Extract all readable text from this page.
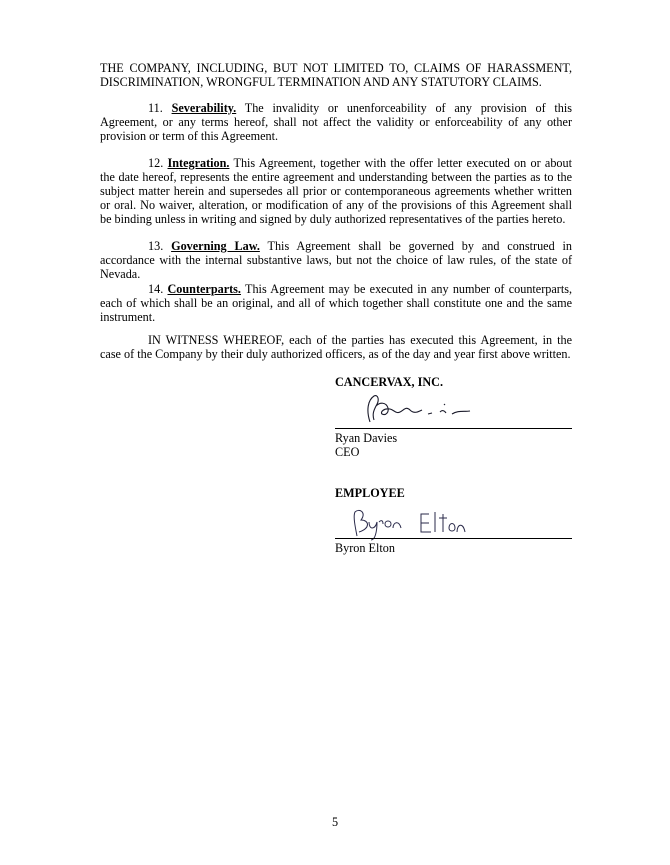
THE COMPANY, INCLUDING, BUT NOT LIMITED TO, CLAIMS OF HARASSMENT, DISCRIMINATION, WRONGFUL TERMINATION AND ANY STATUTORY CLAIMS.

11. Severability. The invalidity or unenforceability of any provision of this Agreement, or any terms hereof, shall not affect the validity or enforceability of any other provision or term of this Agreement.

12. Integration. This Agreement, together with the offer letter executed on or about the date hereof, represents the entire agreement and understanding between the parties as to the subject matter herein and supersedes all prior or contemporaneous agreements whether written or oral. No waiver, alteration, or modification of any of the provisions of this Agreement shall be binding unless in writing and signed by duly authorized representatives of the parties hereto.

13. Governing Law. This Agreement shall be governed by and construed in accordance with the internal substantive laws, but not the choice of law rules, of the state of Nevada.

14. Counterparts. This Agreement may be executed in any number of counterparts, each of which shall be an original, and all of which together shall constitute one and the same instrument.

IN WITNESS WHEREOF, each of the parties has executed this Agreement, in the case of the Company by their duly authorized officers, as of the day and year first above written.

CANCERVAX, INC.

Ryan Davies

CEO

EMPLOYEE

Byron Elton

5
